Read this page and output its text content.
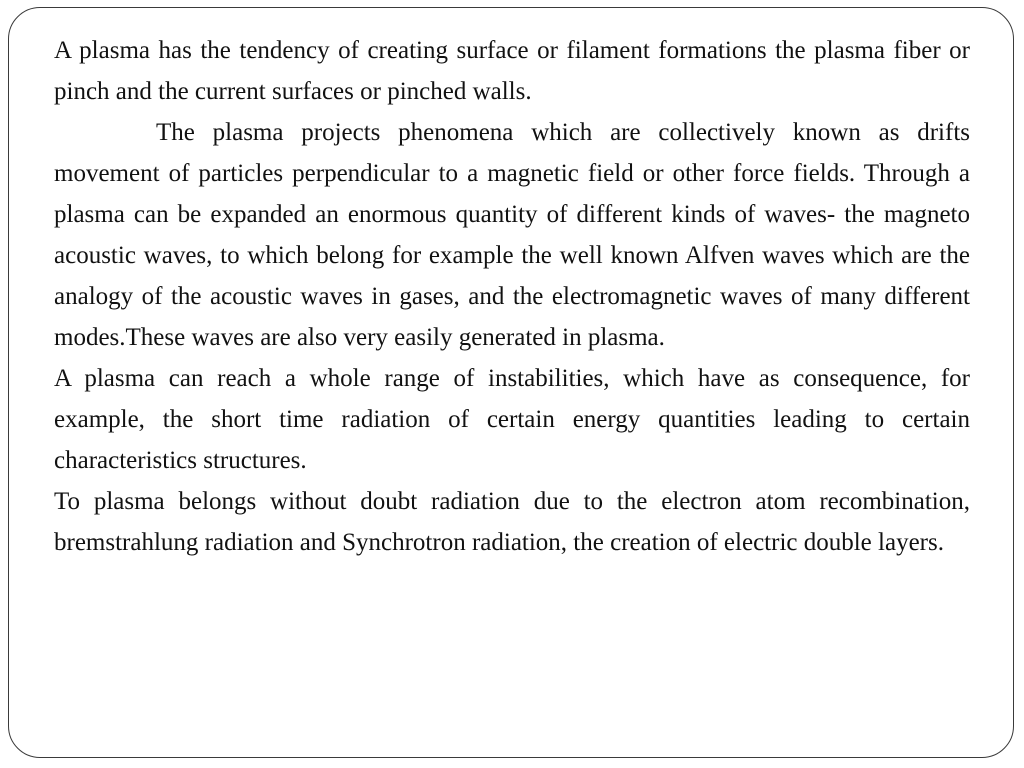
A plasma has the tendency of creating surface or filament formations the plasma fiber or pinch and the current surfaces or pinched walls.

The plasma projects phenomena which are collectively known as drifts movement of particles perpendicular to a magnetic field or other force fields. Through a plasma can be expanded an enormous quantity of different kinds of waves- the magneto acoustic waves, to which belong for example the well known Alfven waves which are the analogy of the acoustic waves in gases, and the electromagnetic waves of many different modes.These waves are also very easily generated in plasma.

A plasma can reach a whole range of instabilities, which have as consequence, for example, the short time radiation of certain energy quantities leading to certain characteristics structures.

To plasma belongs without doubt radiation due to the electron atom recombination, bremstrahlung radiation and Synchrotron radiation, the creation of electric double layers.
